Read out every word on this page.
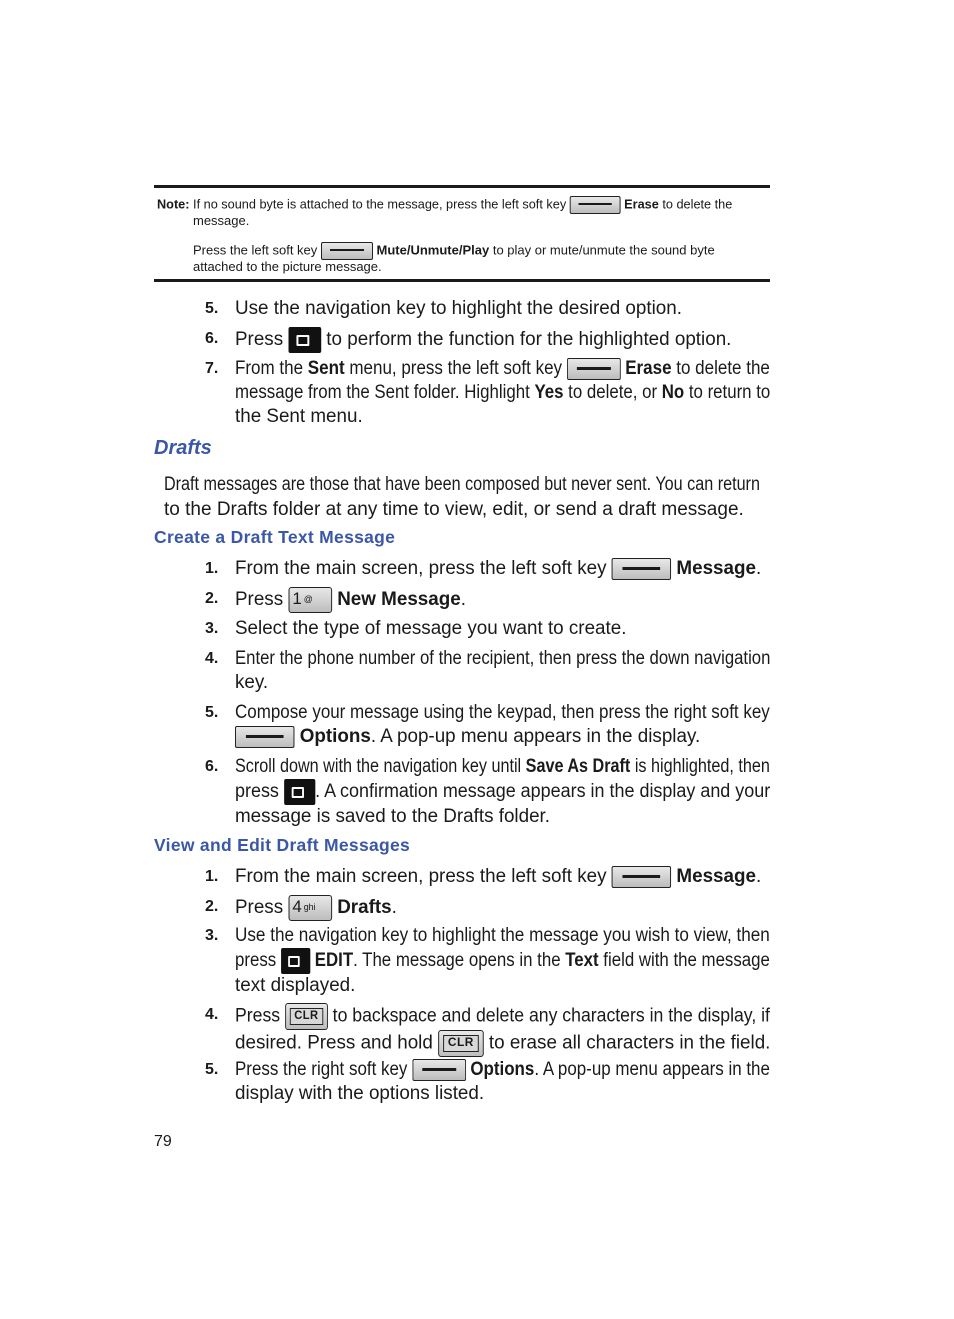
Note: If no sound byte is attached to the message, press the left soft key	Erase to delete the
message.
Press the left soft key	Mute/Unmute/Play to play or mute/unmute the sound byte
attached to the picture message.
5. Use the navigation key to highlight the desired option.
6. Press to perform the function for the highlighted option.
7. From the Sent menu, press the left soft key	Erase to delete the
message from the Sent folder. Highlight Yes to delete, or No to return to
the Sent menu.
Drafts
Draft messages are those that have been composed but never sent. You can return
to the Drafts folder at any time to view, edit, or send a draft message.
Create a Draft Text Message
1. From the main screen, press the left soft key	Message.
2. Press 1 @ New Message.
3. Select the type of message you want to create.
4. Enter the phone number of the recipient, then press the down navigation
key.
5. Compose your message using the keypad, then press the right soft key
Options. A pop-up menu appears in the display.
6. Scroll down with the navigation key until Save As Draft is highlighted, then
press . A confirmation message appears in the display and your
message is saved to the Drafts folder.
View and Edit Draft Messages
1. From the main screen, press the left soft key	Message.
2. Press 4 $^{ghi}$ Drafts.
3. Use the navigation key to highlight the message you wish to view, then
press EDIT. The message opens in the Text field with the message
text displayed.
4. Press	CLR to backspace and delete any characters in the display, if
desired. Press and hold	CLR to erase all characters in the field.
5. Press the right soft key	Options. A pop-up menu appears in the
display with the options listed.
79
